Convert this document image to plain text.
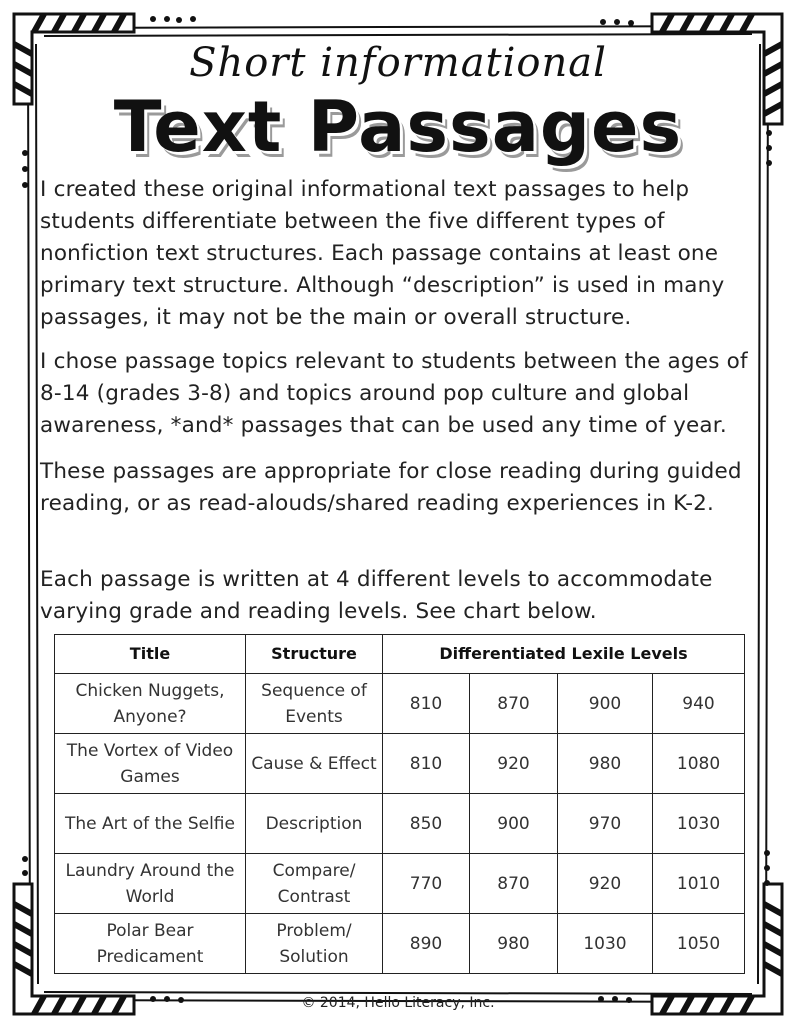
Short informational
Text Passages

I created these original informational text passages to help students differentiate between the five different types of nonfiction text structures. Each passage contains at least one primary text structure. Although “description” is used in many passages, it may not be the main or overall structure.

I chose passage topics relevant to students between the ages of 8-14 (grades 3-8) and topics around pop culture and global awareness, *and* passages that can be used any time of year.

These passages are appropriate for close reading during guided reading, or as read-alouds/shared reading experiences in K-2.

Each passage is written at 4 different levels to accommodate varying grade and reading levels. See chart below.

Title	Structure	Differentiated Lexile Levels			
Chicken Nuggets, Anyone?	Sequence of Events	810	870	900	940
The Vortex of Video Games	Cause & Effect	810	920	980	1080
The Art of the Selfie	Description	850	900	970	1030
Laundry Around the World	Compare/ Contrast	770	870	920	1010
Polar Bear Predicament	Problem/ Solution	890	980	1030	1050
© 2014, Hello Literacy, Inc.
